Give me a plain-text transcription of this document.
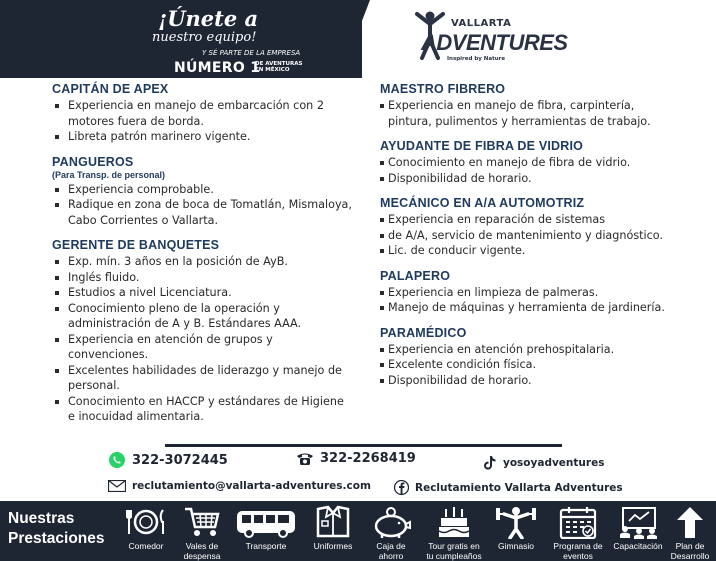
¡Únete a
nuestro equipo!
Y SÉ PARTE DE LA EMPRESA
NÚMERO 1
DE AVENTURAS
EN MÉXICO
VALLARTA
ADVENTURES
Inspired by Nature
CAPITÁN DE APEX
Experiencia en manejo de embarcación con 2 motores fuera de borda.
Libreta patrón marinero vigente.
PANGUEROS
(Para Transp. de personal)
Experiencia comprobable.
Radique en zona de boca de Tomatlán, Mismaloya, Cabo Corrientes o Vallarta.
GERENTE DE BANQUETES
Exp. mín. 3 años en la posición de AyB.
Inglés fluido.
Estudios a nivel Licenciatura.
Conocimiento pleno de la operación y administración de A y B. Estándares AAA.
Experiencia en atención de grupos y convenciones.
Excelentes habilidades de liderazgo y manejo de personal.
Conocimiento en HACCP y estándares de Higiene e inocuidad alimentaria.
MAESTRO FIBRERO
Experiencia en manejo de fibra, carpintería, pintura, pulimentos y herramientas de trabajo.
AYUDANTE DE FIBRA DE VIDRIO
Conocimiento en manejo de fibra de vidrio.
Disponibilidad de horario.
MECÁNICO EN A/A AUTOMOTRIZ
Experiencia en reparación de sistemas
de A/A, servicio de mantenimiento y diagnóstico.
Lic. de conducir vigente.
PALAPERO
Experiencia en limpieza de palmeras.
Manejo de máquinas y herramienta de jardinería.
PARAMÉDICO
Experiencia en atención prehospitalaria.
Excelente condición física.
Disponibilidad de horario.
322-3072445	322-2268419	yosoyadventures
reclutamiento@vallarta-adventures.com	Reclutamiento Vallarta Adventures
Nuestras
Prestaciones	Comedor	Vales de despensa
Transporte	Uniformes	Caja de ahorro
Tour gratis en tu cumpleaños
Gimnasio	Programa de eventos
Capacitación	Plan de Desarrollo
